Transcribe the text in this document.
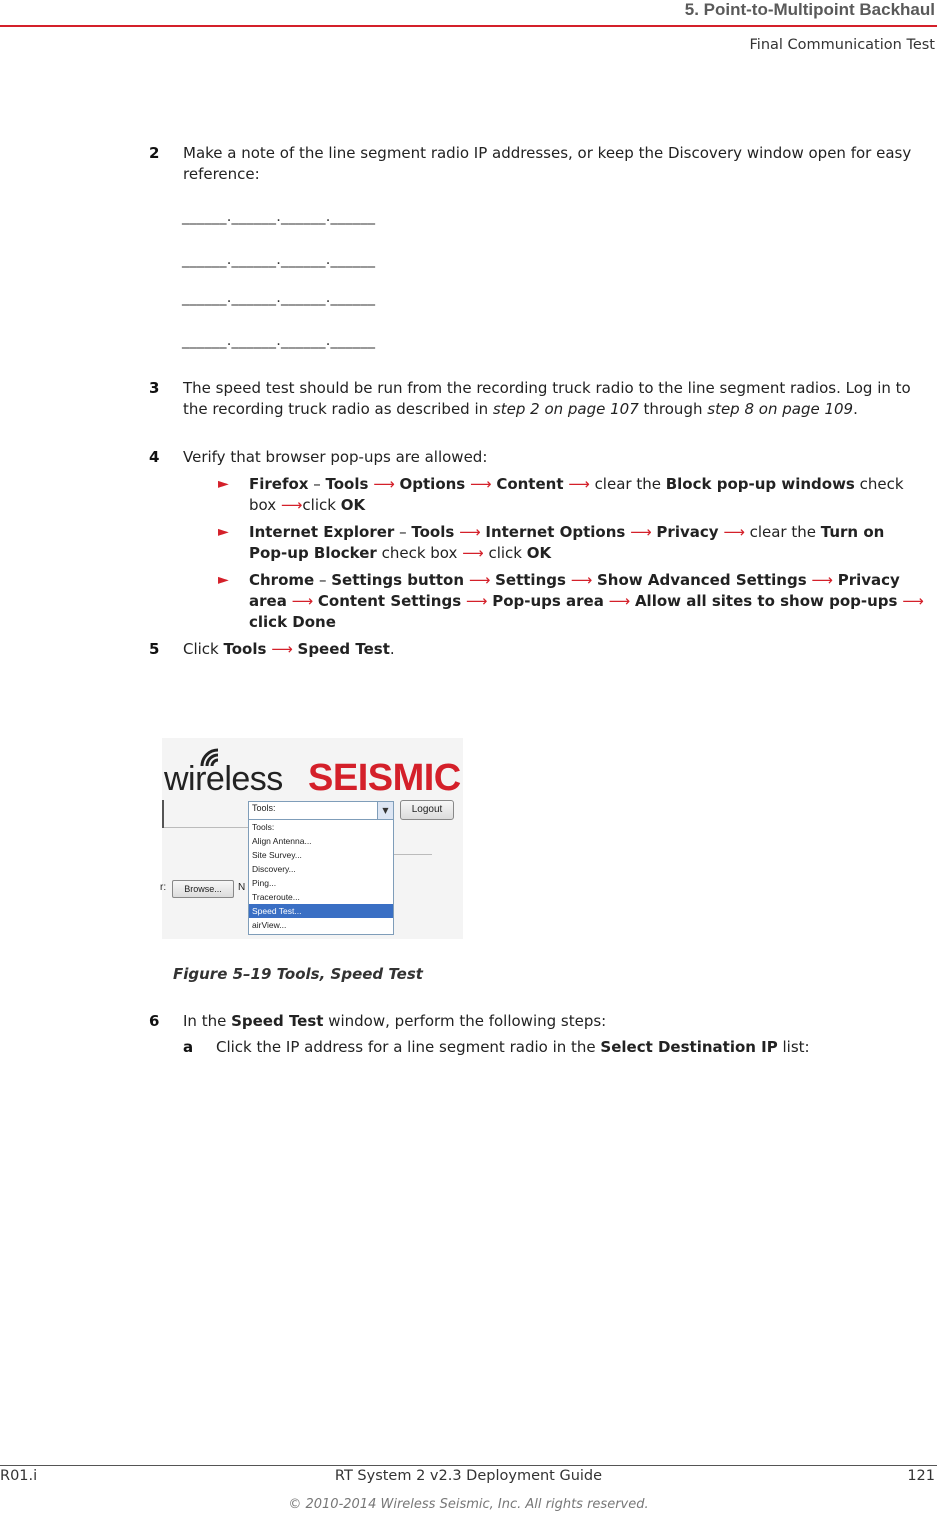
5. Point-to-Multipoint Backhaul
Final Communication Test
2 Make a note of the line segment radio IP addresses, or keep the Discovery window open for easy reference:
______.______.______.______
______.______.______.______
______.______.______.______
______.______.______.______
3 The speed test should be run from the recording truck radio to the line segment radios. Log in to the recording truck radio as described in step 2 on page 107 through step 8 on page 109.
4 Verify that browser pop-ups are allowed:
► Firefox – Tools ⟶ Options ⟶ Content ⟶ clear the Block pop-up windows check box ⟶click OK
► Internet Explorer – Tools ⟶ Internet Options ⟶ Privacy ⟶ clear the Turn on Pop-up Blocker check box ⟶ click OK
► Chrome – Settings button ⟶ Settings ⟶ Show Advanced Settings ⟶ Privacy area ⟶ Content Settings ⟶ Pop-ups area ⟶ Allow all sites to show pop-ups ⟶ click Done
5 Click Tools ⟶ Speed Test.
wireless SEISMIC
Tools:	▼	Logout
r:	Browse...	N
Tools:
Align Antenna...
Site Survey...
Discovery...
Ping...
Traceroute...
Speed Test...
airView...
Figure 5–19 Tools, Speed Test
6 In the Speed Test window, perform the following steps:
a Click the IP address for a line segment radio in the Select Destination IP list:
R01.i	RT System 2 v2.3 Deployment Guide	121
© 2010-2014 Wireless Seismic, Inc. All rights reserved.
